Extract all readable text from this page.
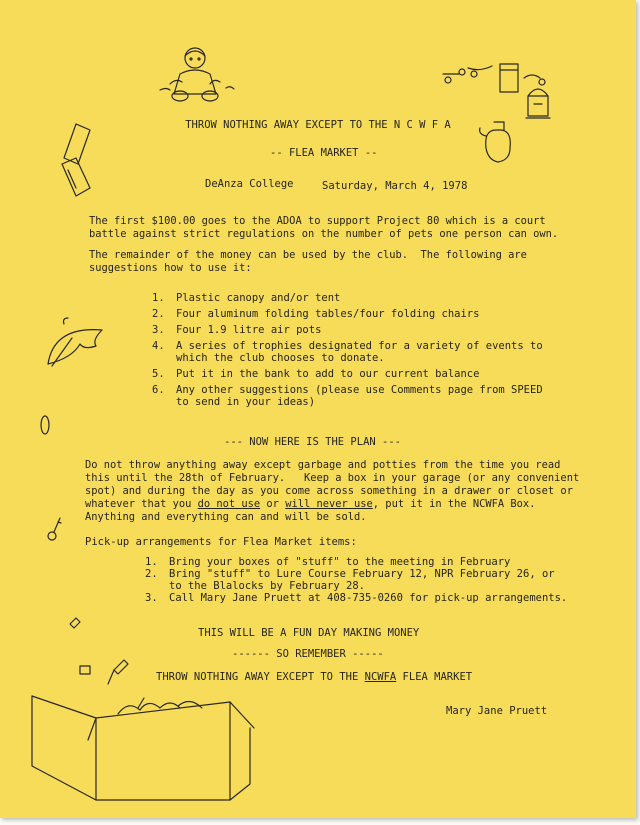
THROW NOTHING AWAY EXCEPT TO THE N C W F A
-- FLEA MARKET --
DeAnza College	Saturday, March 4, 1978
The first $100.00 goes to the ADOA to support Project 80 which is a court
battle against strict regulations on the number of pets one person can own.
The remainder of the money can be used by the club.  The following are
suggestions how to use it:
1. Plastic canopy and/or tent
2. Four aluminum folding tables/four folding chairs
3. Four 1.9 litre air pots
4. A series of trophies designated for a variety of events to
which the club chooses to donate.
5. Put it in the bank to add to our current balance
6. Any other suggestions (please use Comments page from SPEED
to send in your ideas)
--- NOW HERE IS THE PLAN ---
Do not throw anything away except garbage and potties from the time you read
this until the 28th of February.   Keep a box in your garage (or any convenient
spot) and during the day as you come across something in a drawer or closet or
whatever that you do not use or will never use, put it in the NCWFA Box.
Anything and everything can and will be sold.
Pick-up arrangements for Flea Market items:
1. Bring your boxes of "stuff" to the meeting in February
2. Bring "stuff" to Lure Course February 12, NPR February 26, or
to the Blalocks by February 28.
3. Call Mary Jane Pruett at 408-735-0260 for pick-up arrangements.
THIS WILL BE A FUN DAY MAKING MONEY
------ SO REMEMBER -----
THROW NOTHING AWAY EXCEPT TO THE NCWFA FLEA MARKET
Mary Jane Pruett
